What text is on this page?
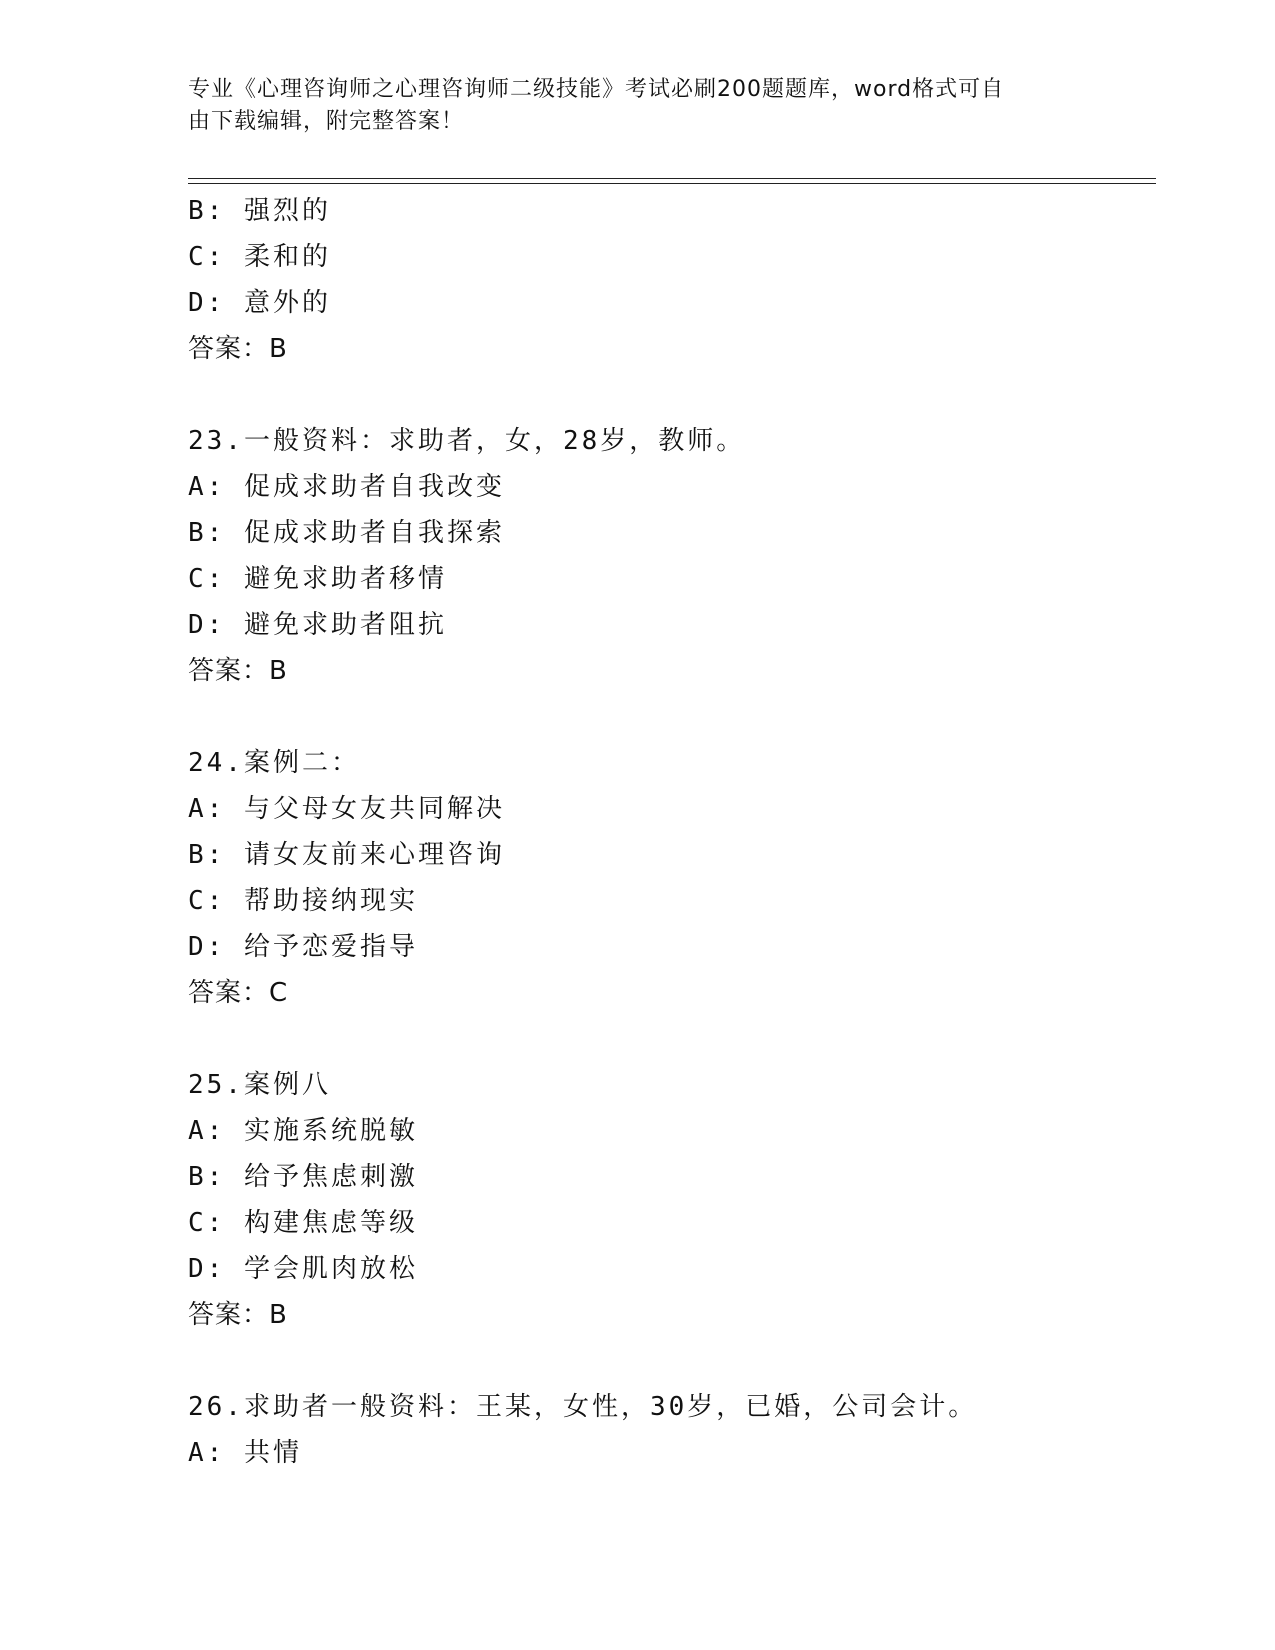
专业《心理咨询师之心理咨询师二级技能》考试必刷200题题库，word格式可自
由下载编辑，附完整答案！
B: 强烈的
C: 柔和的
D: 意外的
答案：B
23.一般资料：求助者，女，28岁，教师。
A: 促成求助者自我改变
B: 促成求助者自我探索
C: 避免求助者移情
D: 避免求助者阻抗
答案：B
24.案例二：
A: 与父母女友共同解决
B: 请女友前来心理咨询
C: 帮助接纳现实
D: 给予恋爱指导
答案：C
25.案例八
A: 实施系统脱敏
B: 给予焦虑刺激
C: 构建焦虑等级
D: 学会肌肉放松
答案：B
26.求助者一般资料：王某，女性，30岁，已婚，公司会计。
A: 共情
